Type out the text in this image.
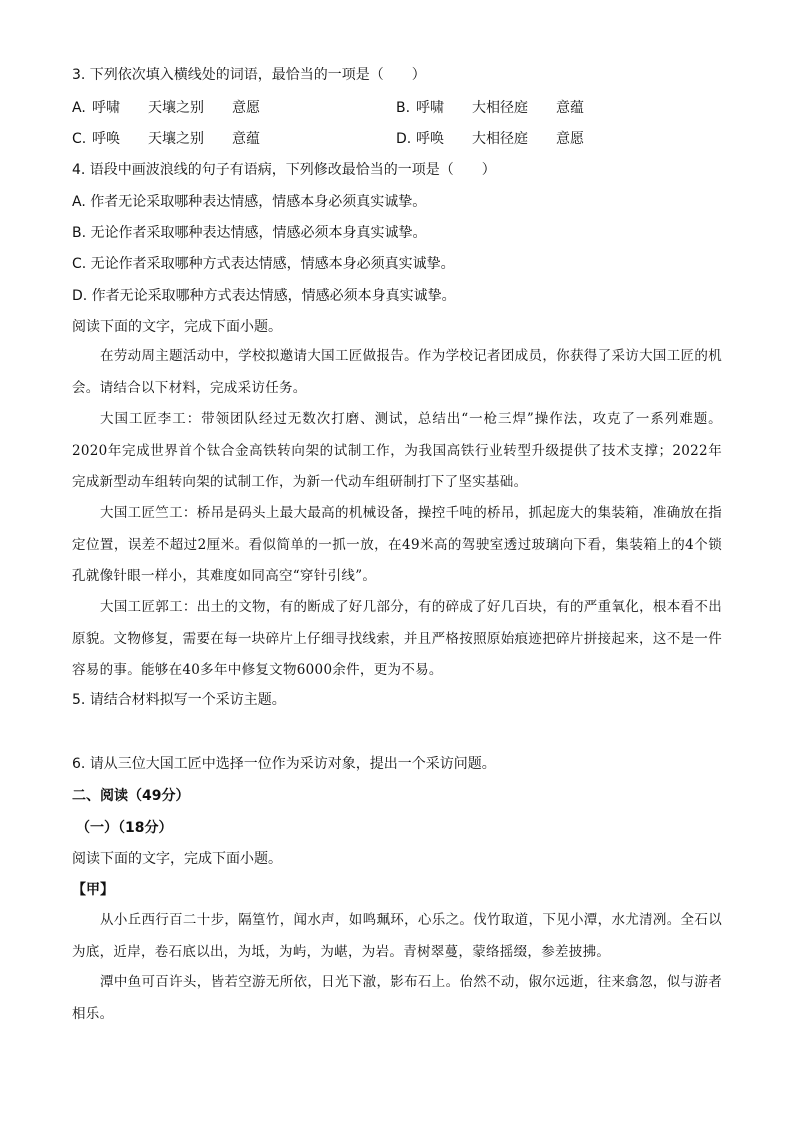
3. 下列依次填入横线处的词语，最恰当的一项是（　　）
A. 呼啸 天壤之别 意愿	B. 呼啸 大相径庭 意蕴
C. 呼唤 天壤之别 意蕴	D. 呼唤 大相径庭 意愿
4. 语段中画波浪线的句子有语病，下列修改最恰当的一项是（　　）
A. 作者无论采取哪种表达情感，情感本身必须真实诚挚。
B. 无论作者采取哪种表达情感，情感必须本身真实诚挚。
C. 无论作者采取哪种方式表达情感，情感本身必须真实诚挚。
D. 作者无论采取哪种方式表达情感，情感必须本身真实诚挚。
阅读下面的文字，完成下面小题。
在劳动周主题活动中，学校拟邀请大国工匠做报告。作为学校记者团成员，你获得了采访大国工匠的机会。请结合以下材料，完成采访任务。
大国工匠李工：带领团队经过无数次打磨、测试，总结出“一枪三焊”操作法，攻克了一系列难题。2020年完成世界首个钛合金高铁转向架的试制工作，为我国高铁行业转型升级提供了技术支撑；2022年完成新型动车组转向架的试制工作，为新一代动车组研制打下了坚实基础。
大国工匠竺工：桥吊是码头上最大最高的机械设备，操控千吨的桥吊，抓起庞大的集装箱，准确放在指定位置，误差不超过2厘米。看似简单的一抓一放，在49米高的驾驶室透过玻璃向下看，集装箱上的4个锁孔就像针眼一样小，其难度如同高空“穿针引线”。
大国工匠郭工：出土的文物，有的断成了好几部分，有的碎成了好几百块，有的严重氧化，根本看不出原貌。文物修复，需要在每一块碎片上仔细寻找线索，并且严格按照原始痕迹把碎片拼接起来，这不是一件容易的事。能够在40多年中修复文物6000余件，更为不易。
5. 请结合材料拟写一个采访主题。
6. 请从三位大国工匠中选择一位作为采访对象，提出一个采访问题。
二、阅读（49分）
（一）（18分）
阅读下面的文字，完成下面小题。
【甲】
从小丘西行百二十步，隔篁竹，闻水声，如鸣珮环，心乐之。伐竹取道，下见小潭，水尤清冽。全石以为底，近岸，卷石底以出，为坻，为屿，为嵁，为岩。青树翠蔓，蒙络摇缀，参差披拂。
潭中鱼可百许头，皆若空游无所依，日光下澈，影布石上。佁然不动，俶尔远逝，往来翕忽，似与游者相乐。
